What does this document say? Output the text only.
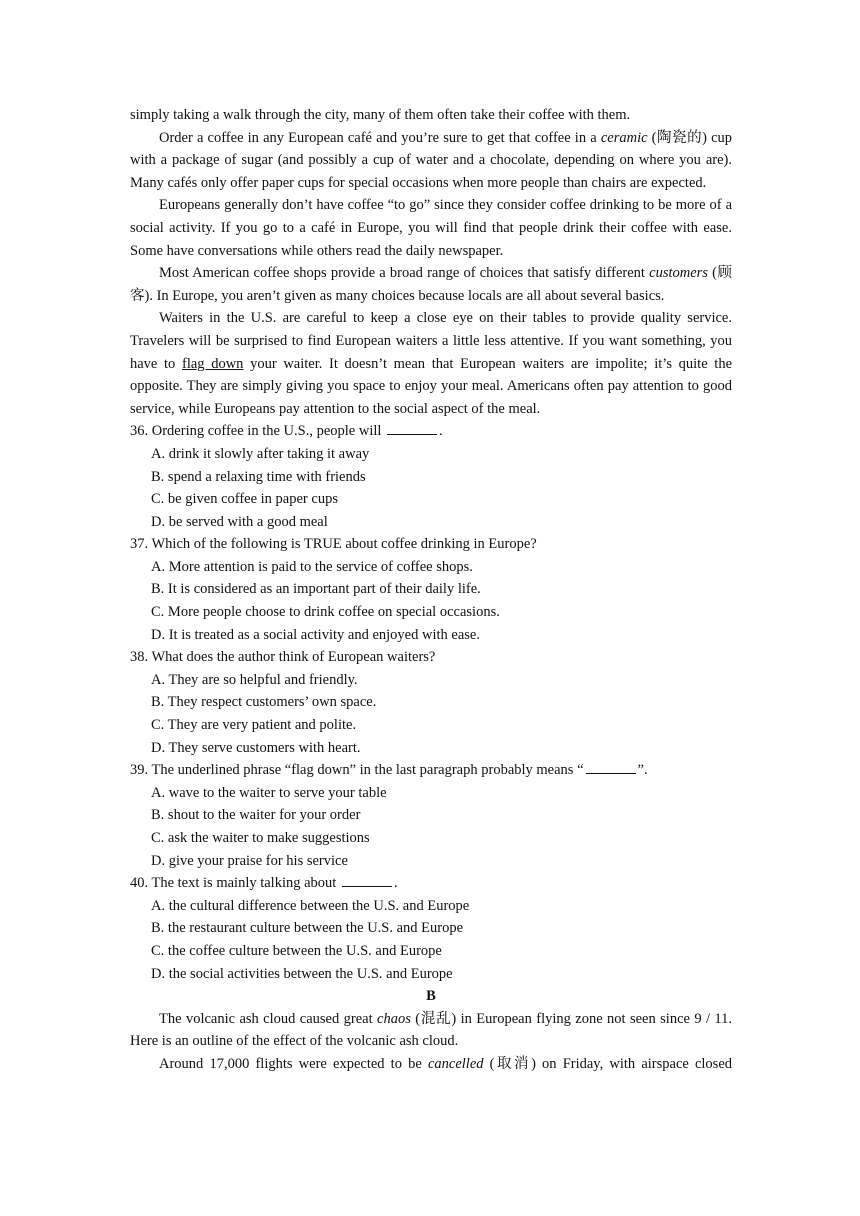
simply taking a walk through the city, many of them often take their coffee with them.

Order a coffee in any European café and you’re sure to get that coffee in a ceramic (陶瓷的) cup with a package of sugar (and possibly a cup of water and a chocolate, depending on where you are). Many cafés only offer paper cups for special occasions when more people than chairs are expected.

Europeans generally don’t have coffee “to go” since they consider coffee drinking to be more of a social activity. If you go to a café in Europe, you will find that people drink their coffee with ease. Some have conversations while others read the daily newspaper.

Most American coffee shops provide a broad range of choices that satisfy different customers (顾客). In Europe, you aren’t given as many choices because locals are all about several basics.

Waiters in the U.S. are careful to keep a close eye on their tables to provide quality service. Travelers will be surprised to find European waiters a little less attentive. If you want something, you have to flag down your waiter. It doesn’t mean that European waiters are impolite; it’s quite the opposite. They are simply giving you space to enjoy your meal. Americans often pay attention to good service, while Europeans pay attention to the social aspect of the meal.

36. Ordering coffee in the U.S., people will	.

A. drink it slowly after taking it away

B. spend a relaxing time with friends

C. be given coffee in paper cups

D. be served with a good meal

37. Which of the following is TRUE about coffee drinking in Europe?

A. More attention is paid to the service of coffee shops.

B. It is considered as an important part of their daily life.

C. More people choose to drink coffee on special occasions.

D. It is treated as a social activity and enjoyed with ease.

38. What does the author think of European waiters?

A. They are so helpful and friendly.

B. They respect customers’ own space.

C. They are very patient and polite.

D. They serve customers with heart.

39. The underlined phrase “flag down” in the last paragraph probably means “	”.

A. wave to the waiter to serve your table

B. shout to the waiter for your order

C. ask the waiter to make suggestions

D. give your praise for his service

40. The text is mainly talking about	.

A. the cultural difference between the U.S. and Europe

B. the restaurant culture between the U.S. and Europe

C. the coffee culture between the U.S. and Europe

D. the social activities between the U.S. and Europe

B

The volcanic ash cloud caused great chaos (混乱) in European flying zone not seen since 9 / 11. Here is an outline of the effect of the volcanic ash cloud.

Around 17,000 flights were expected to be cancelled (取消) on Friday, with airspace closed
